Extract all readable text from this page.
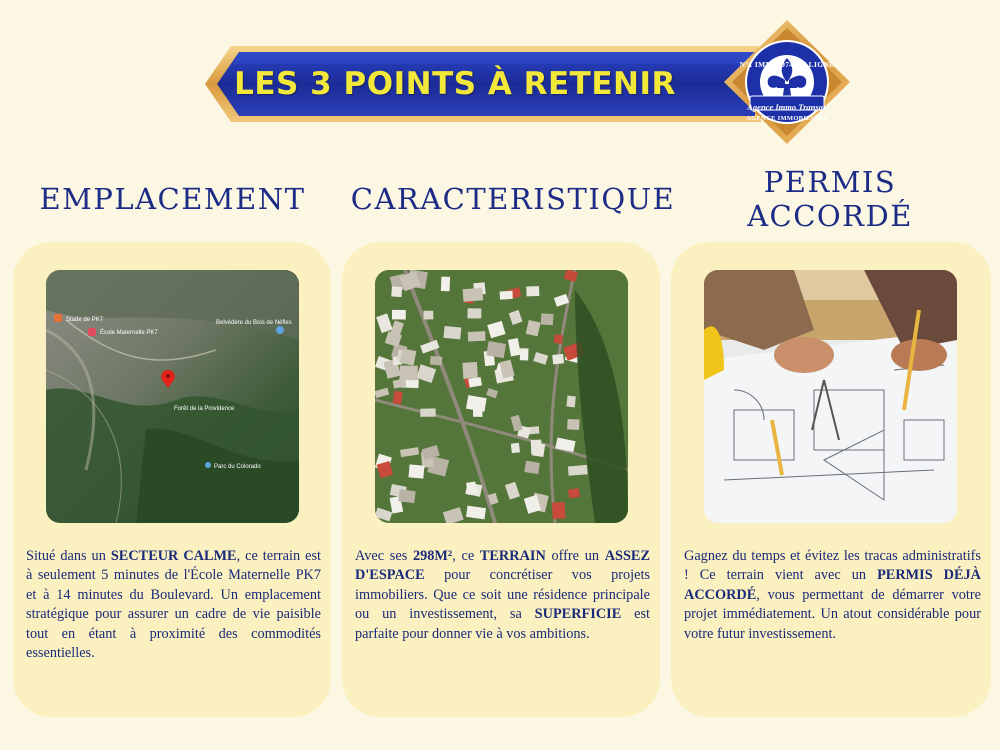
LES 3 POINTS À RETENIR
N°1 IMMO 974 EN LIGNE
Agence Immo Transac
AGENCE IMMOBILIÈRE
EMPLACEMENT	CARACTERISTIQUE	PERMIS ACCORDÉ
Stade de PK7
École Maternelle PK7
Belvédère du Bois de Nèfles
Forêt de la Providence
Parc du Colorado
Situé dans un SECTEUR CALME, ce terrain est à seulement 5 minutes de l'École Maternelle PK7 et à 14 minutes du Boulevard. Un emplacement stratégique pour assurer un cadre de vie paisible tout en étant à proximité des commodités essentielles.
Avec ses 298M², ce TERRAIN offre un ASSEZ D'ESPACE pour concrétiser vos projets immobiliers. Que ce soit une résidence principale ou un investissement, sa SUPERFICIE est parfaite pour donner vie à vos ambitions.
Gagnez du temps et évitez les tracas administratifs ! Ce terrain vient avec un PERMIS DÉJÀ ACCORDÉ, vous permettant de démarrer votre projet immédiatement. Un atout considérable pour votre futur investissement.
